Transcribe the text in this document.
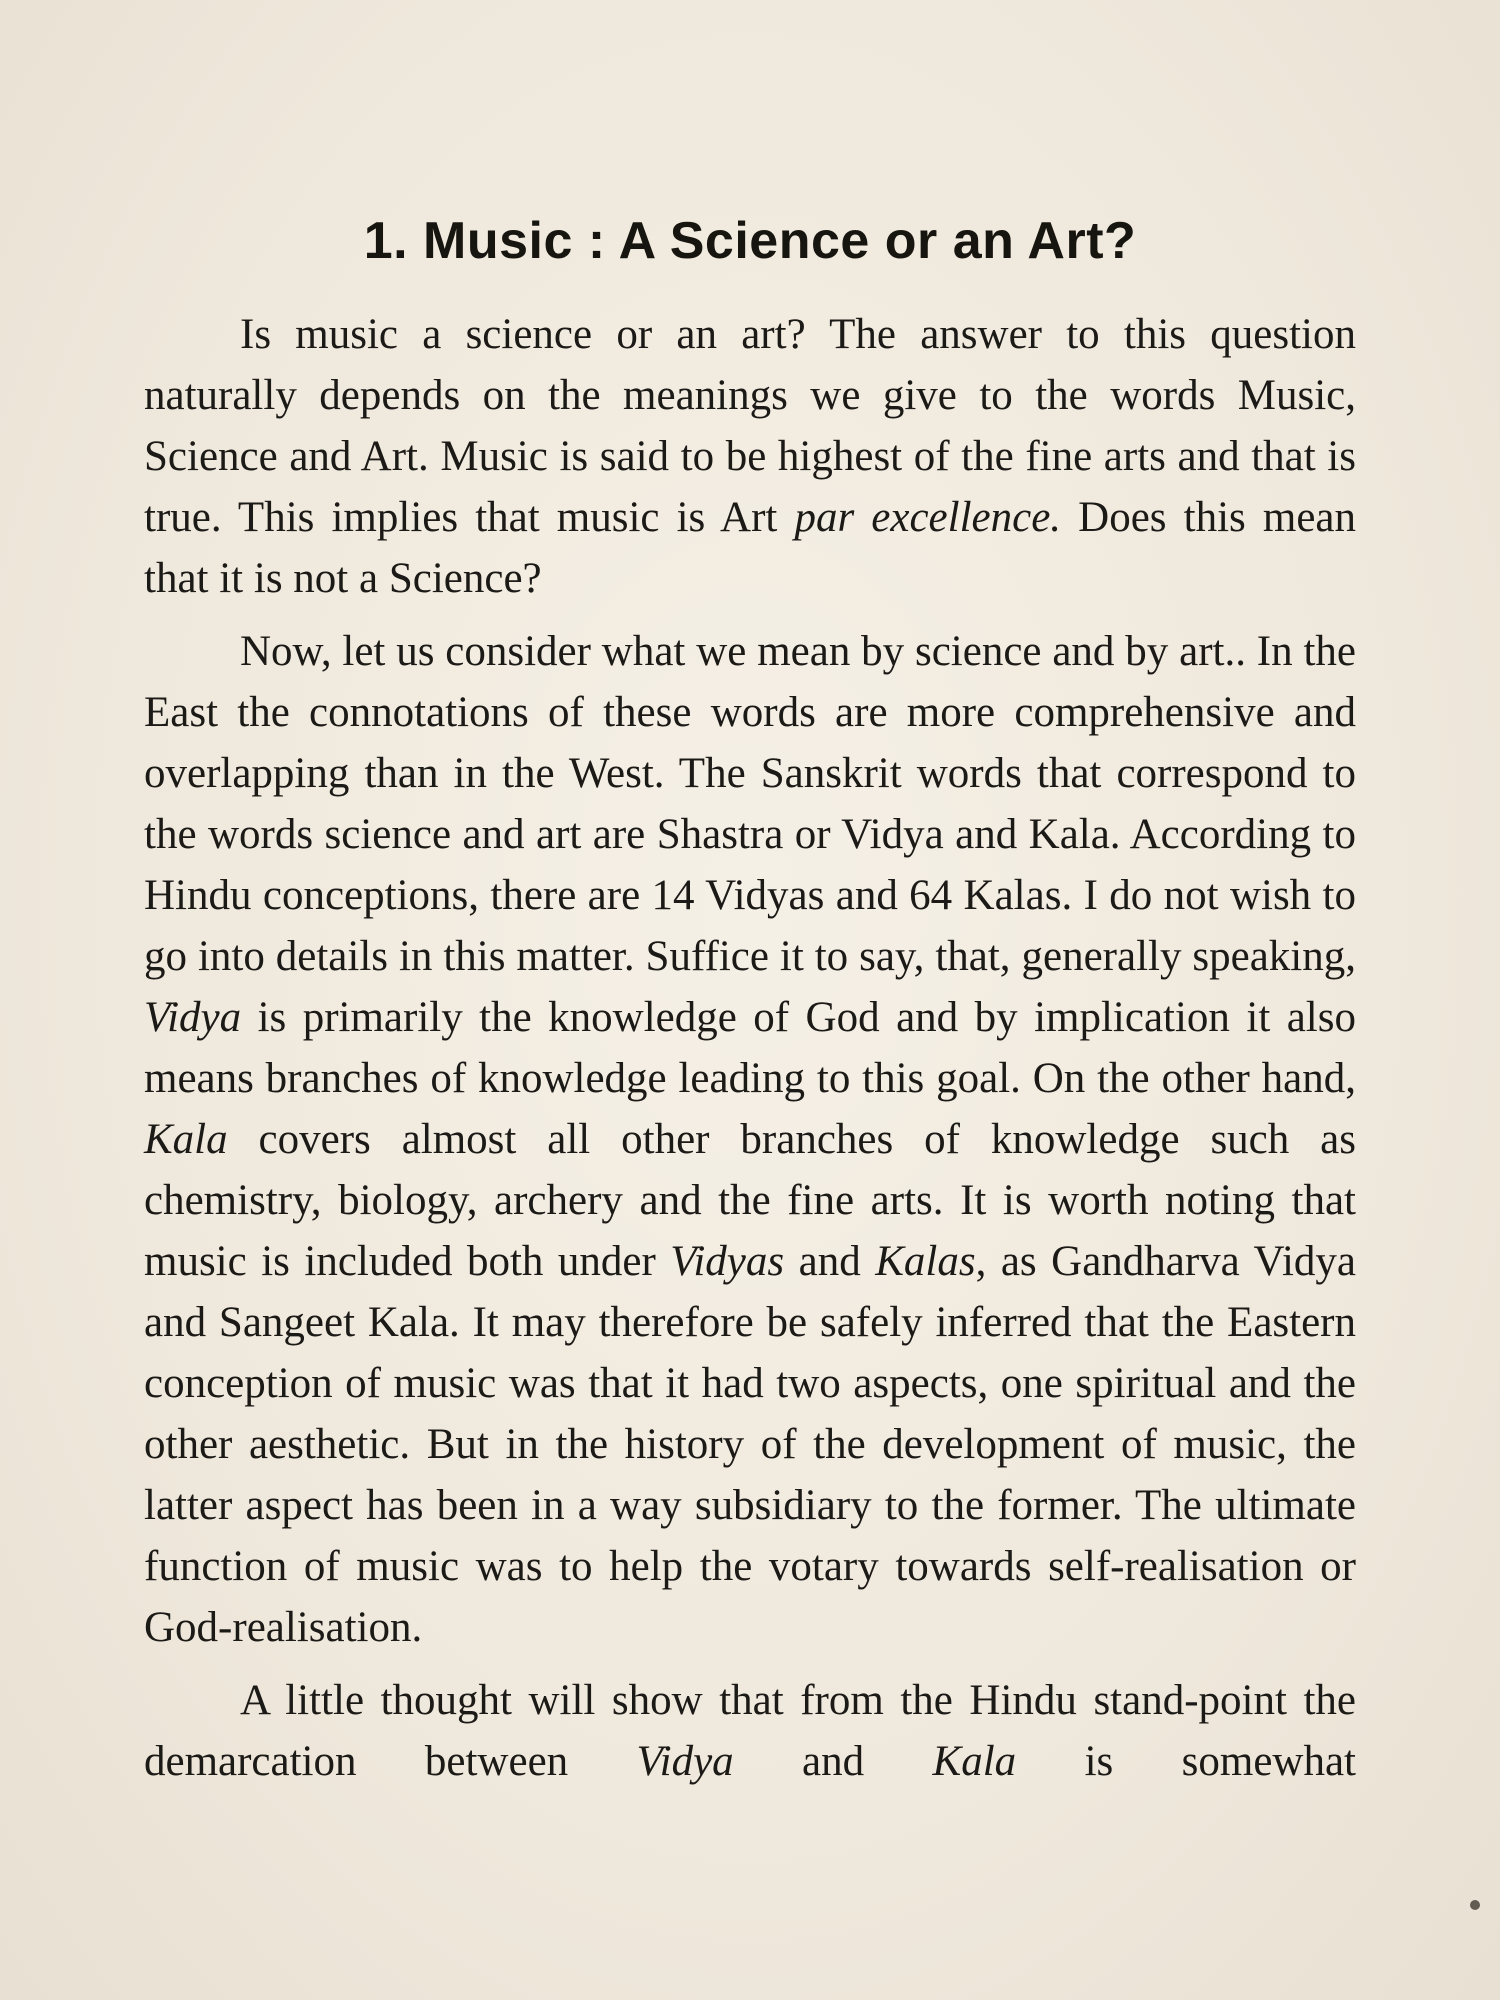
1. Music : A Science or an Art?

Is music a science or an art? The answer to this question naturally depends on the meanings we give to the words Music, Science and Art. Music is said to be highest of the fine arts and that is true. This implies that music is Art par excellence. Does this mean that it is not a Science?

Now, let us consider what we mean by science and by art.. In the East the connotations of these words are more comprehensive and overlapping than in the West. The Sanskrit words that correspond to the words science and art are Shastra or Vidya and Kala. According to Hindu conceptions, there are 14 Vidyas and 64 Kalas. I do not wish to go into details in this matter. Suffice it to say, that, generally speaking, Vidya is primarily the knowledge of God and by implication it also means branches of knowledge leading to this goal. On the other hand, Kala covers almost all other branches of knowledge such as chemistry, biology, archery and the fine arts. It is worth noting that music is included both under Vidyas and Kalas, as Gandharva Vidya and Sangeet Kala. It may therefore be safely inferred that the Eastern conception of music was that it had two aspects, one spiritual and the other aesthetic. But in the history of the development of music, the latter aspect has been in a way subsidiary to the former. The ultimate function of music was to help the votary towards self-realisation or God-realisation.

A little thought will show that from the Hindu stand-point the demarcation between Vidya and Kala is somewhat
